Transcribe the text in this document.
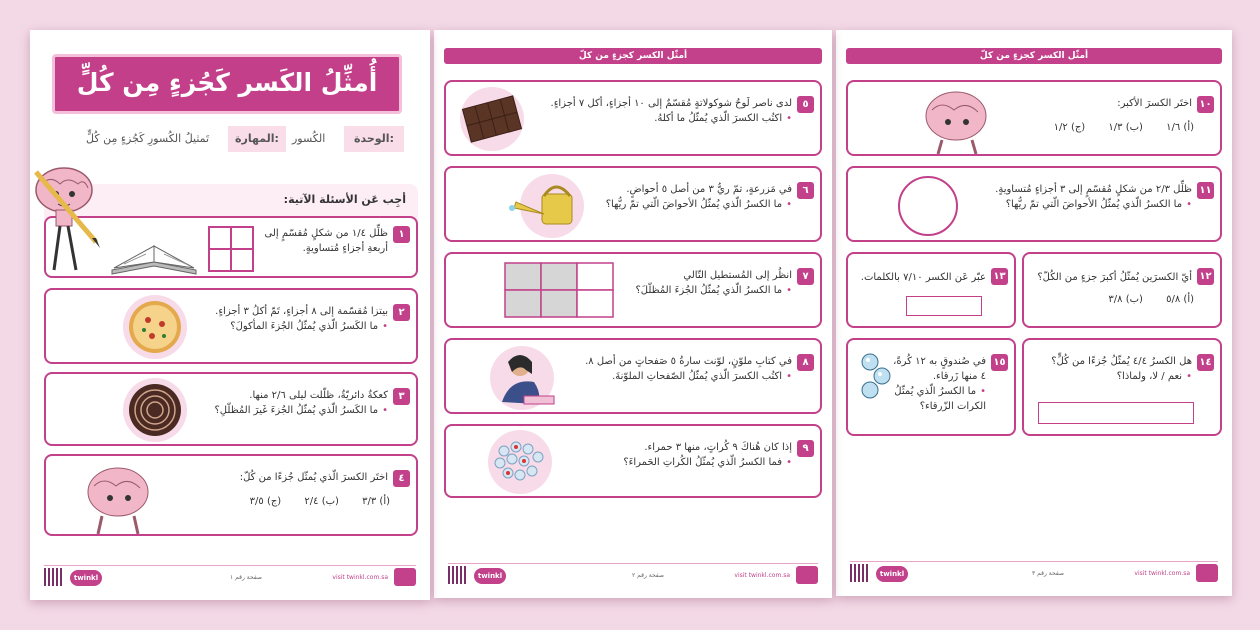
أُمثِّلُ الكَسر كَجُزءٍ مِن كُلٍّ
الوحدة:
الكُسور
المهارة:
تَمثيلُ الكُسورِ كَجُزءٍ مِن كُلٍّ
أجِب عَن الأسئلة الآتية:
١
ظلِّل ١/٤ من شكلٍ مُقسّمٍ إلى
أربعةِ أجزاءٍ مُتساويةٍ.
٢
بيتزا مُقسّمة إلى ٨ أجزاءٍ، تَمّ أكلُ ٣ أجزاءٍ.
• ما الكَسرُ الّذي يُمثّلُ الجُزءَ المأكولَ؟
٣
كعكةٌ دائريّةٌ، ظلّلت ليلى ٢/٦ منها.
• ما الكَسرُ الّذي يُمثّلُ الجُزءَ غَيرَ المُظلّلِ؟
٤
اختَر الكسرَ الّذي يُمثّل جُزءًا من كُلّ:
(أ) ٣/٣ (ب) ٢/٤ (ج) ٣/٥
twinkl	صفحة رقم ١	visit twinkl.com.sa
أمثّل الكسر كجزءٍ من كلّ
٥
لدى ناصر لَوحُ شوكولاتةٍ مُقسّمٌ إلى ١٠ أجزاءٍ، أكل ٧ أجزاءٍ.
• اكتُب الكسرَ الّذي يُمثّلُ ما أكلهُ.
٦
في مَزرعةٍ، تمّ ريُّ ٣ من أصل ٥ أحواضٍ.
• ما الكسرُ الّذي يُمثّلُ الأحواضَ الّتي تمّ ريُّها؟
٧
انظُر إلى المُستطيل التّالي
• ما الكسرُ الّذي يُمثّلُ الجُزءَ المُظلّلَ؟
٨
في كتابِ ملوّنٍ، لوّنت سارةُ ٥ صَفحاتٍ من أصل ٨.
• اكتُب الكسرَ الّذي يُمثّلُ الصّفحاتِ الملوّنةَ.
٩
إذا كان هُناكَ ٩ كُراتٍ، منها ٣ حمراء.
• فما الكسرُ الّذي يُمثّلُ الكُراتِ الحَمراءَ؟
twinkl	صفحة رقم ٢	visit twinkl.com.sa
أمثّل الكسر كجزءٍ من كلّ
١٠
اختَر الكسرَ الأكبر:
(أ) ١/٦ (ب) ١/٣ (ج) ١/٢
١١
ظلِّل ٢/٣ من شكلٍ مُقسّمٍ إلى ٣ أجزاءٍ مُتساويةٍ.
• ما الكسرُ الّذي يُمثّلُ الأحواضَ الّتي تمّ ريُّها؟
١٣
عبّر عَن الكسر ٧/١٠ بالكلمات.	١٢
أيّ الكسرَين يُمثّلُ أكبرَ جزءٍ من الكُلّ؟
(أ) ٥/٨ (ب) ٣/٨
١٥
في صُندوقٍ به ١٢ كُرةً،
٤ منها زَرقاء.
• ما الكسرُ الّذي يُمثّلُ
الكرات الزّرقاء؟
١٤
هل الكسرُ ٤/٤ يُمثّلُ جُزءًا من كُلٍّ؟
• نعم / لا، ولماذا؟
twinkl	صفحة رقم ٣	visit twinkl.com.sa
